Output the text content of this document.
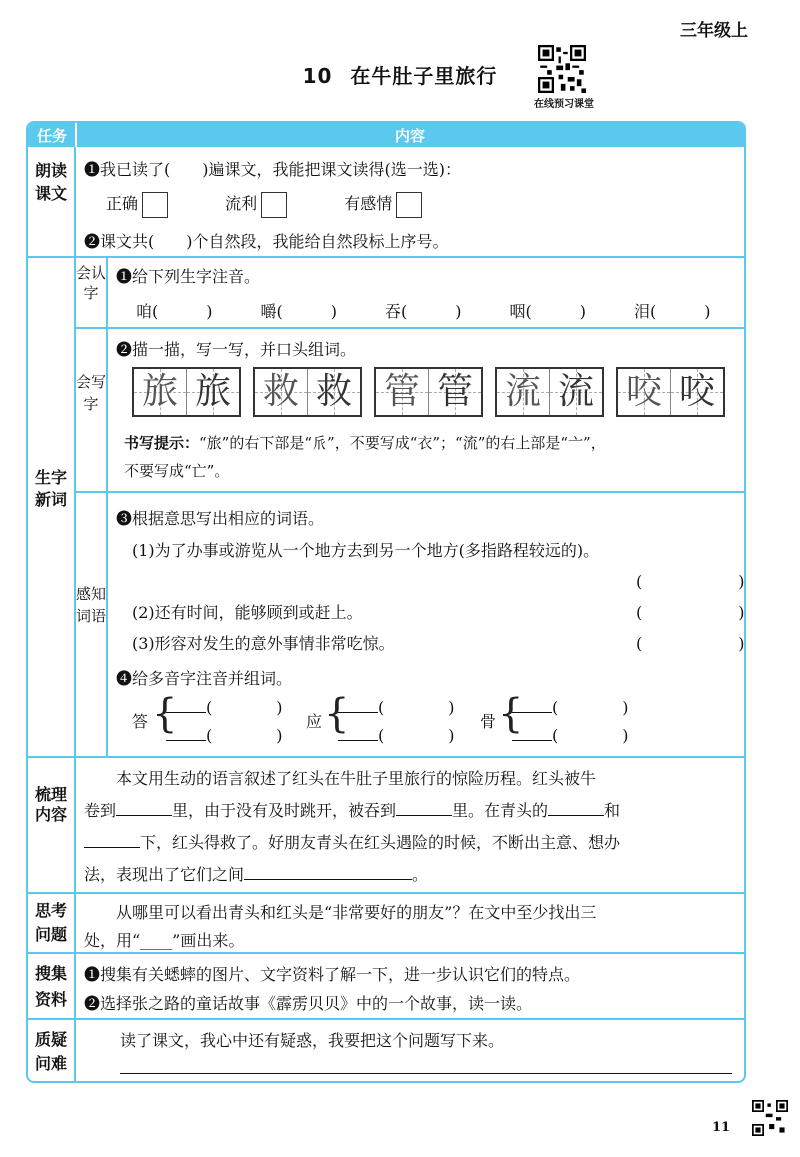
三年级上
10 在牛肚子里旅行
在线预习课堂
任务	内容
朗读课文
❶我已读了(　　)遍课文，我能把课文读得(选一选)：
正确	流利	有感情
❷课文共(　　)个自然段，我能给自然段标上序号。
生字新词
会认字
❶给下列生字注音。
咱(　　　)	嚼(　　　)	吞(　　　)	咽(　　　)	泪(　　　)
会写字
❷描一描，写一写，并口头组词。
旅 旅 救 救 管 管 流 流 咬 咬
书写提示：“旅”的右下部是“𠂢”，不要写成“衣”；“流”的右上部是“亠”，
不要写成“亡”。
感知词语
❸根据意思写出相应的词语。
(1)为了办事或游览从一个地方去到另一个地方(多指路程较远的)。
(　　　　　　)
(2)还有时间，能够顾到或赶上。	(　　　　　　)
(3)形容对发生的意外事情非常吃惊。	(　　　　　　)
❹给多音字注音并组词。
答 {	(　　　　)
(　　　　)
应 {	(　　　　)
(　　　　)
骨 {	(　　　　)
(　　　　)
梳理内容
本文用生动的语言叙述了红头在牛肚子里旅行的惊险历程。红头被牛
卷到	里，由于没有及时跳开，被吞到	里。在青头的	和
下，红头得救了。好朋友青头在红头遇险的时候，不断出主意、想办
法，表现出了它们之间	。
思考问题
从哪里可以看出青头和红头是“非常要好的朋友”？在文中至少找出三
处，用“____”画出来。
搜集资料
❶搜集有关蟋蟀的图片、文字资料了解一下，进一步认识它们的特点。
❷选择张之路的童话故事《霹雳贝贝》中的一个故事，读一读。
质疑问难
读了课文，我心中还有疑惑，我要把这个问题写下来。
11
